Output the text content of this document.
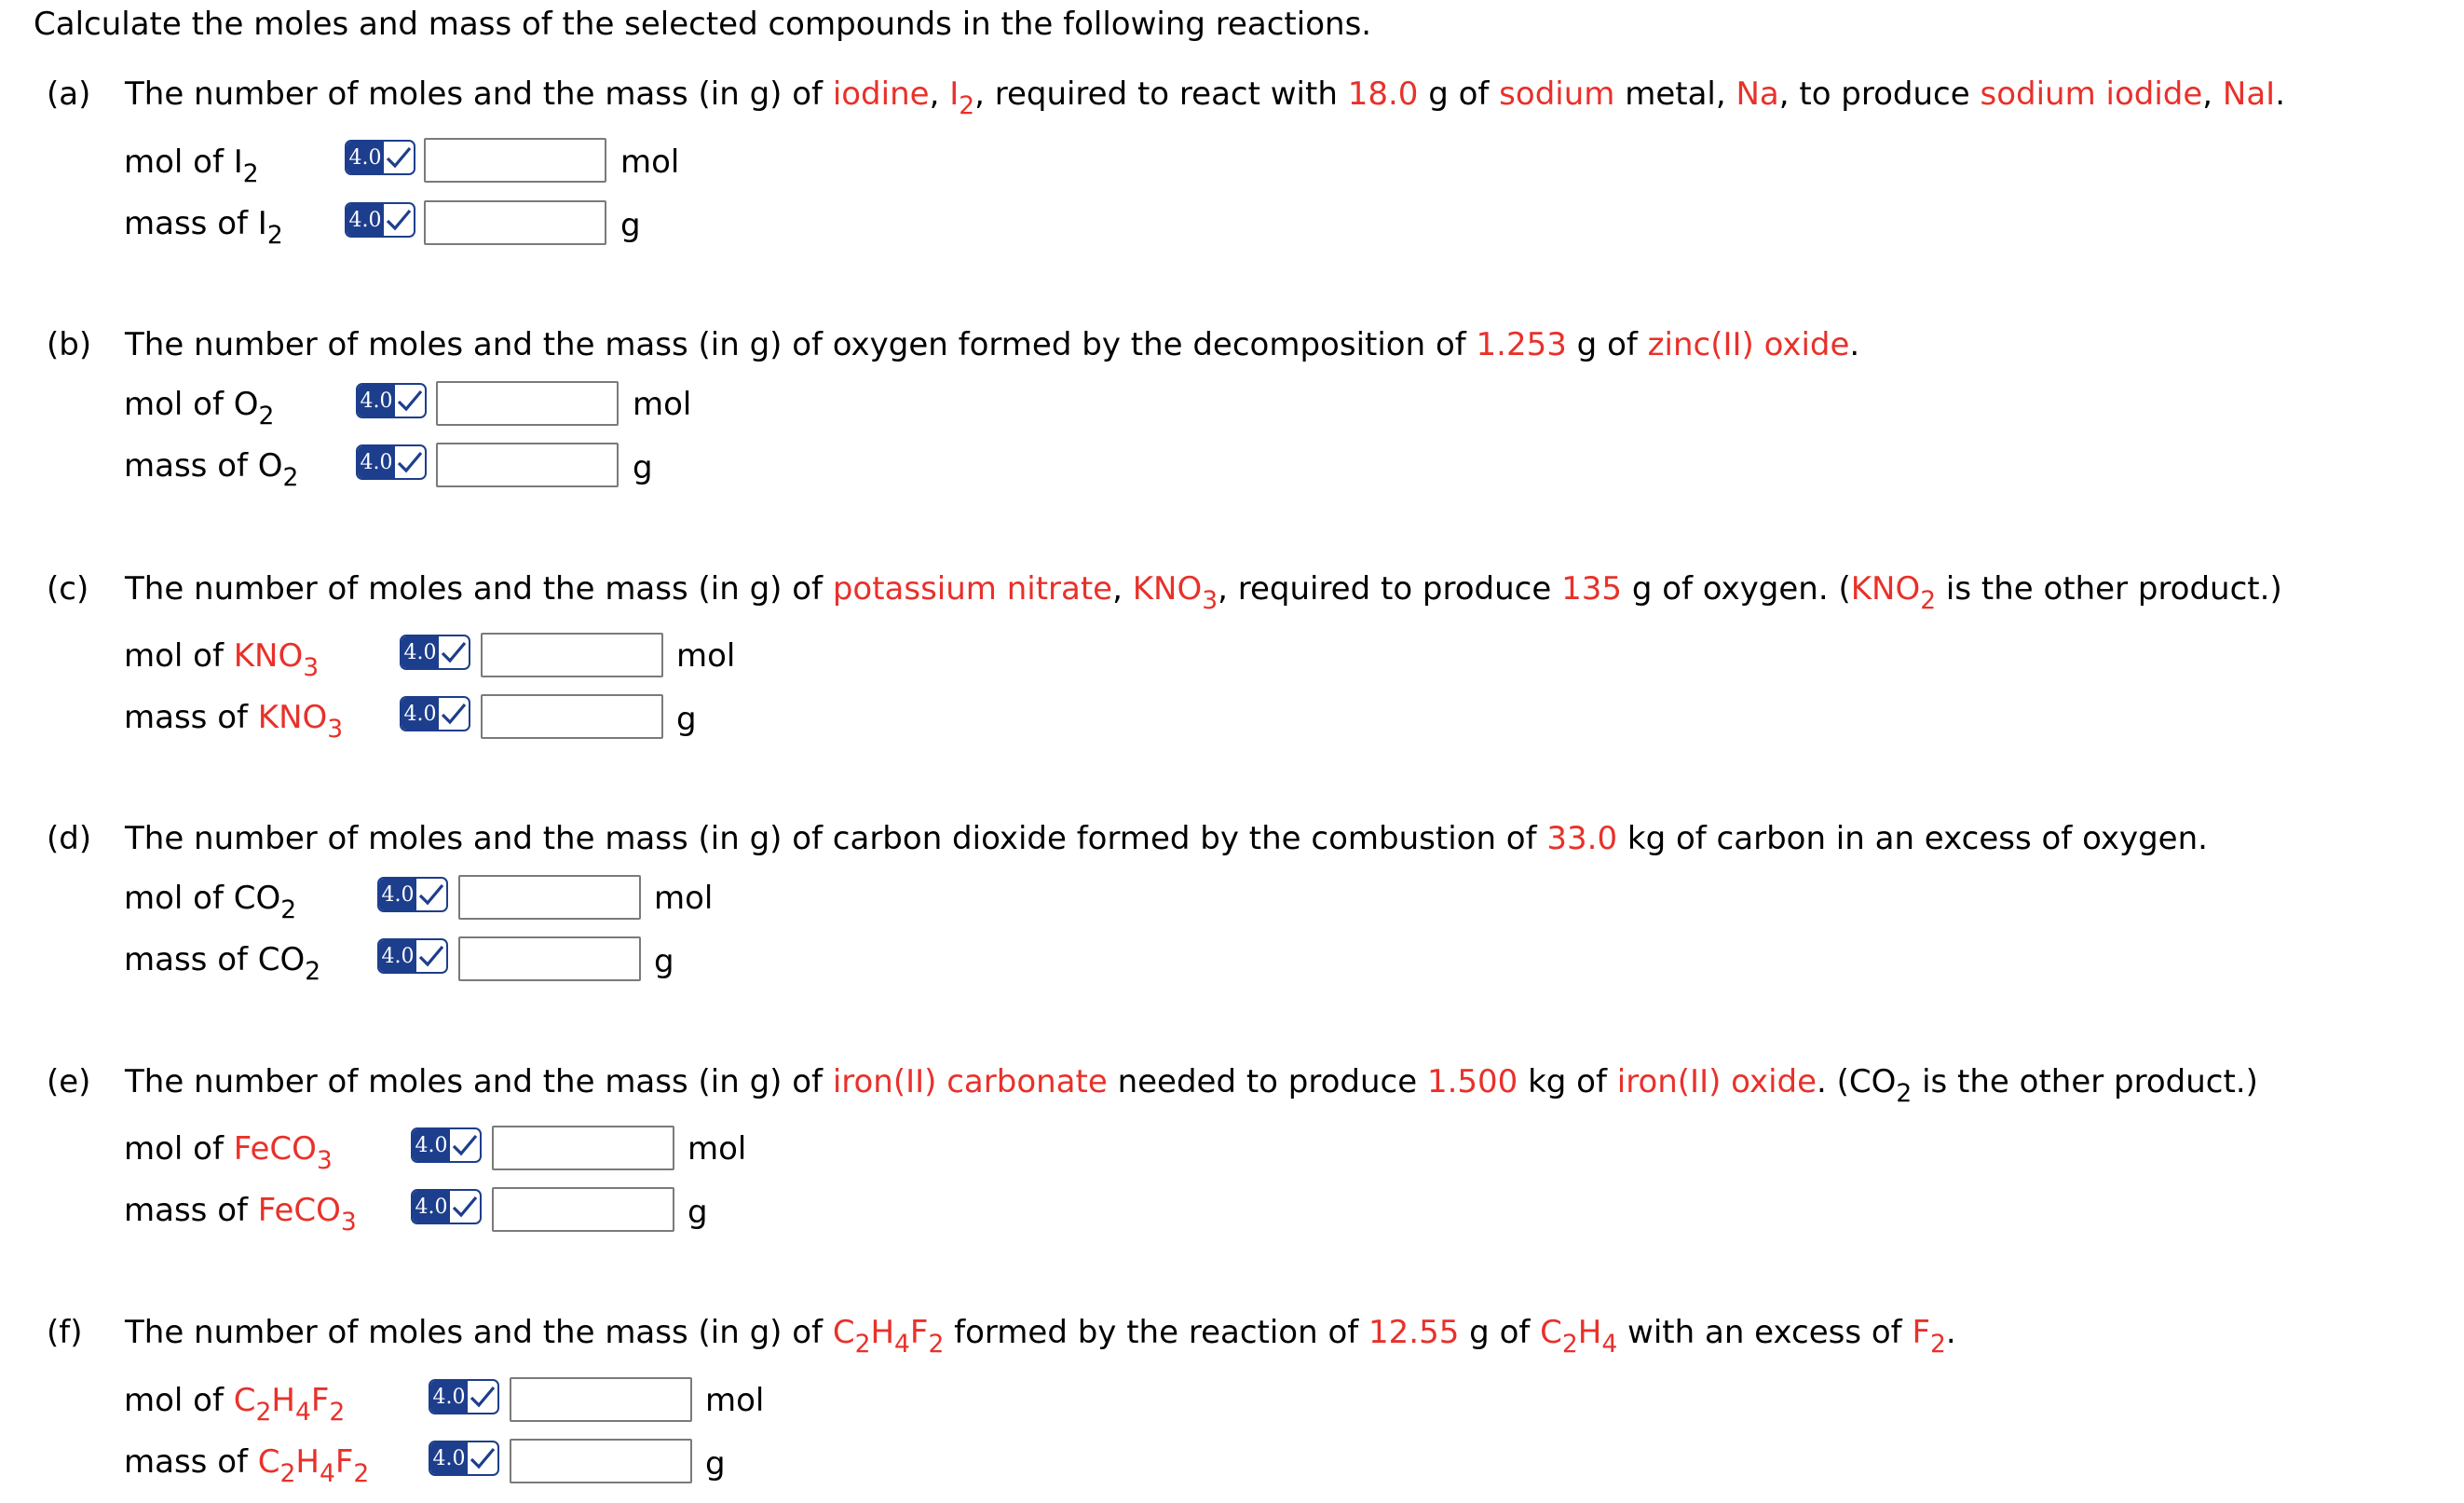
Calculate the moles and mass of the selected compounds in the following reactions.
(a) The number of moles and the mass (in g) of iodine, $I_2$, required to react with 18.0 g of sodium metal, Na, to produce sodium iodide, NaI.
mol of $I_2$
4.0	mol
mass of $I_2$
4.0	g
(b) The number of moles and the mass (in g) of oxygen formed by the decomposition of 1.253 g of zinc(II) oxide.
mol of $O_2$
4.0	mol
mass of $O_2$
4.0	g
(c) The number of moles and the mass (in g) of potassium nitrate, $KNO_3$, required to produce 135 g of oxygen. ($KNO_2$ is the other product.)
mol of $KNO_3$
4.0	mol
mass of $KNO_3$
4.0	g
(d) The number of moles and the mass (in g) of carbon dioxide formed by the combustion of 33.0 kg of carbon in an excess of oxygen.
mol of $CO_2$
4.0	mol
mass of $CO_2$
4.0	g
(e) The number of moles and the mass (in g) of iron(II) carbonate needed to produce 1.500 kg of iron(II) oxide. ($CO_2$ is the other product.)
mol of FeCO$_3$
4.0	mol
mass of FeCO$_3$
4.0	g
(f) The number of moles and the mass (in g) of $C_2H_4F_2$ formed by the reaction of 12.55 g of $C_2H_4$ with an excess of $F_2$.
mol of $C_2H_4F_2$
4.0	mol
mass of $C_2H_4F_2$
4.0	g
